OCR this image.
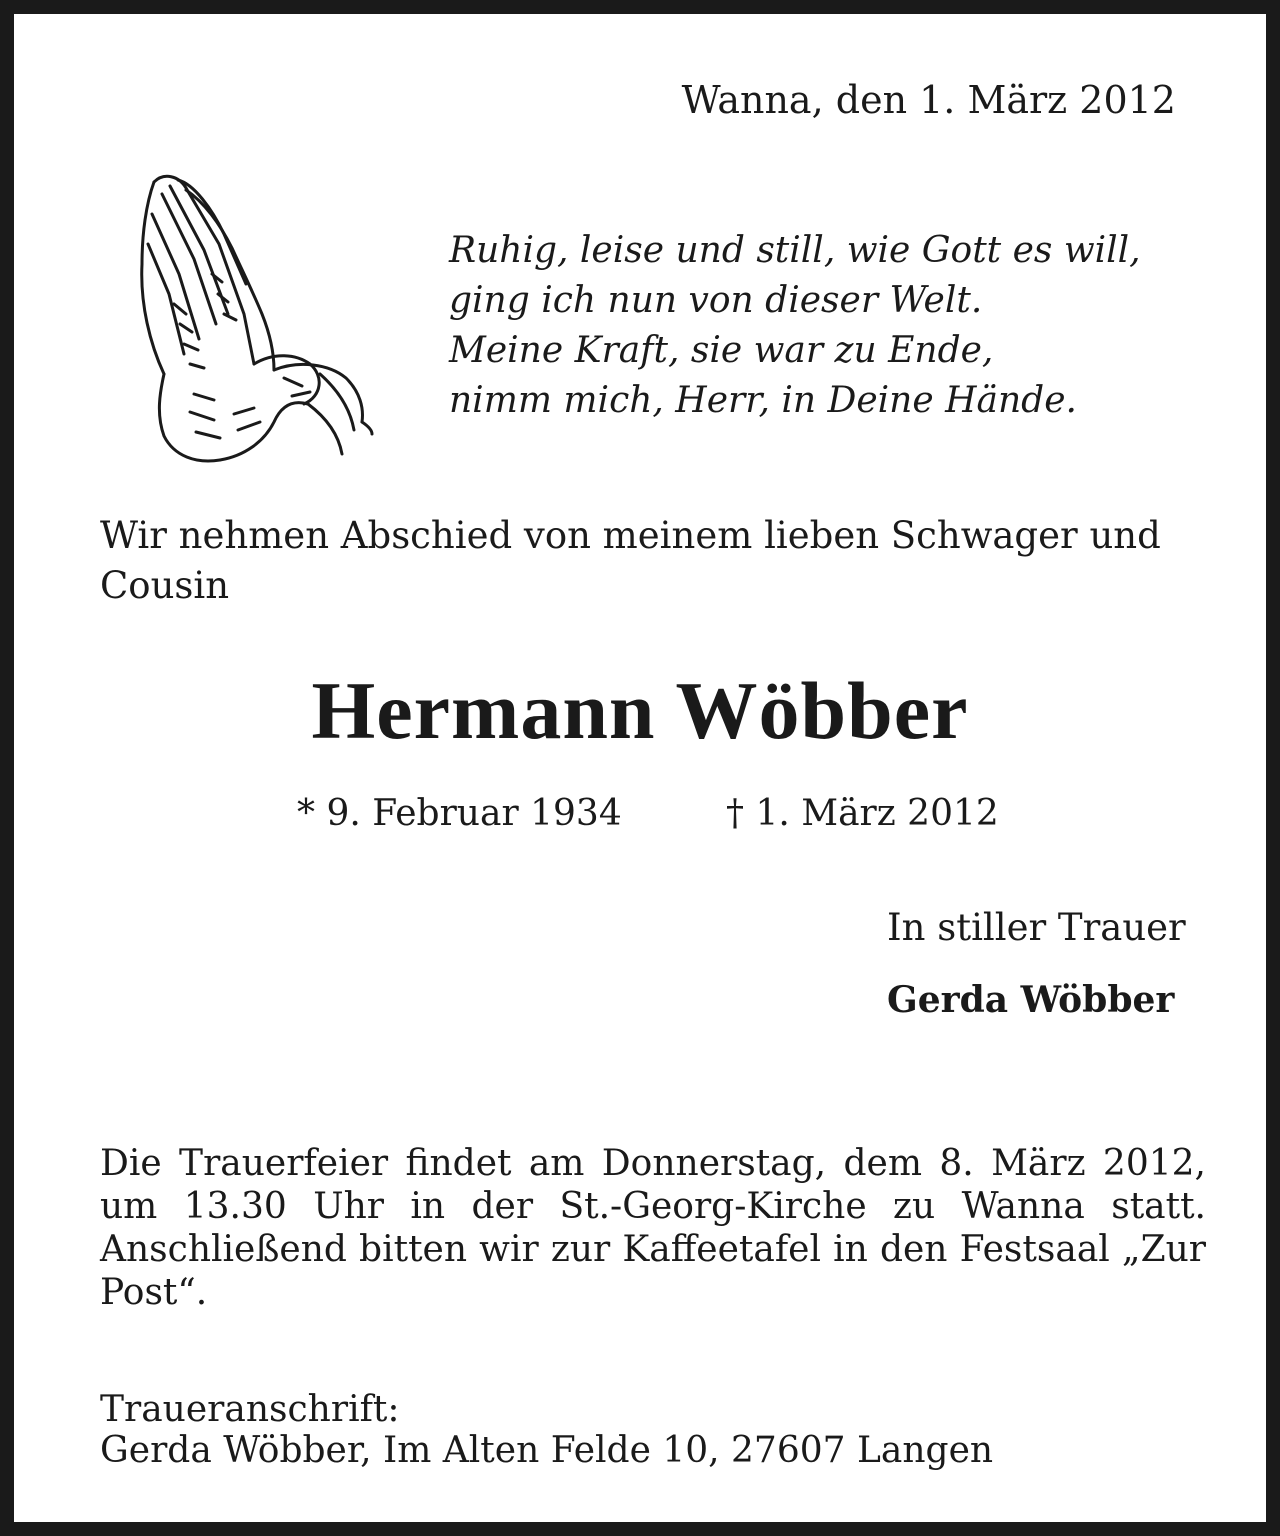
Wanna, den 1. März 2012

Ruhig, leise und still, wie Gott es will,
ging ich nun von dieser Welt.
Meine Kraft, sie war zu Ende,
nimm mich, Herr, in Deine Hände.

Wir nehmen Abschied von meinem lieben Schwager und Cousin

Hermann Wöbber

* 9. Februar 1934	† 1. März 2012

In stiller Trauer

Gerda Wöbber

Die Trauerfeier findet am Donnerstag, dem 8. März 2012, um 13.30 Uhr in der St.-Georg-Kirche zu Wanna statt. Anschließend bitten wir zur Kaffeetafel in den Festsaal „Zur Post“.

Traueranschrift:

Gerda Wöbber, Im Alten Felde 10, 27607 Langen
